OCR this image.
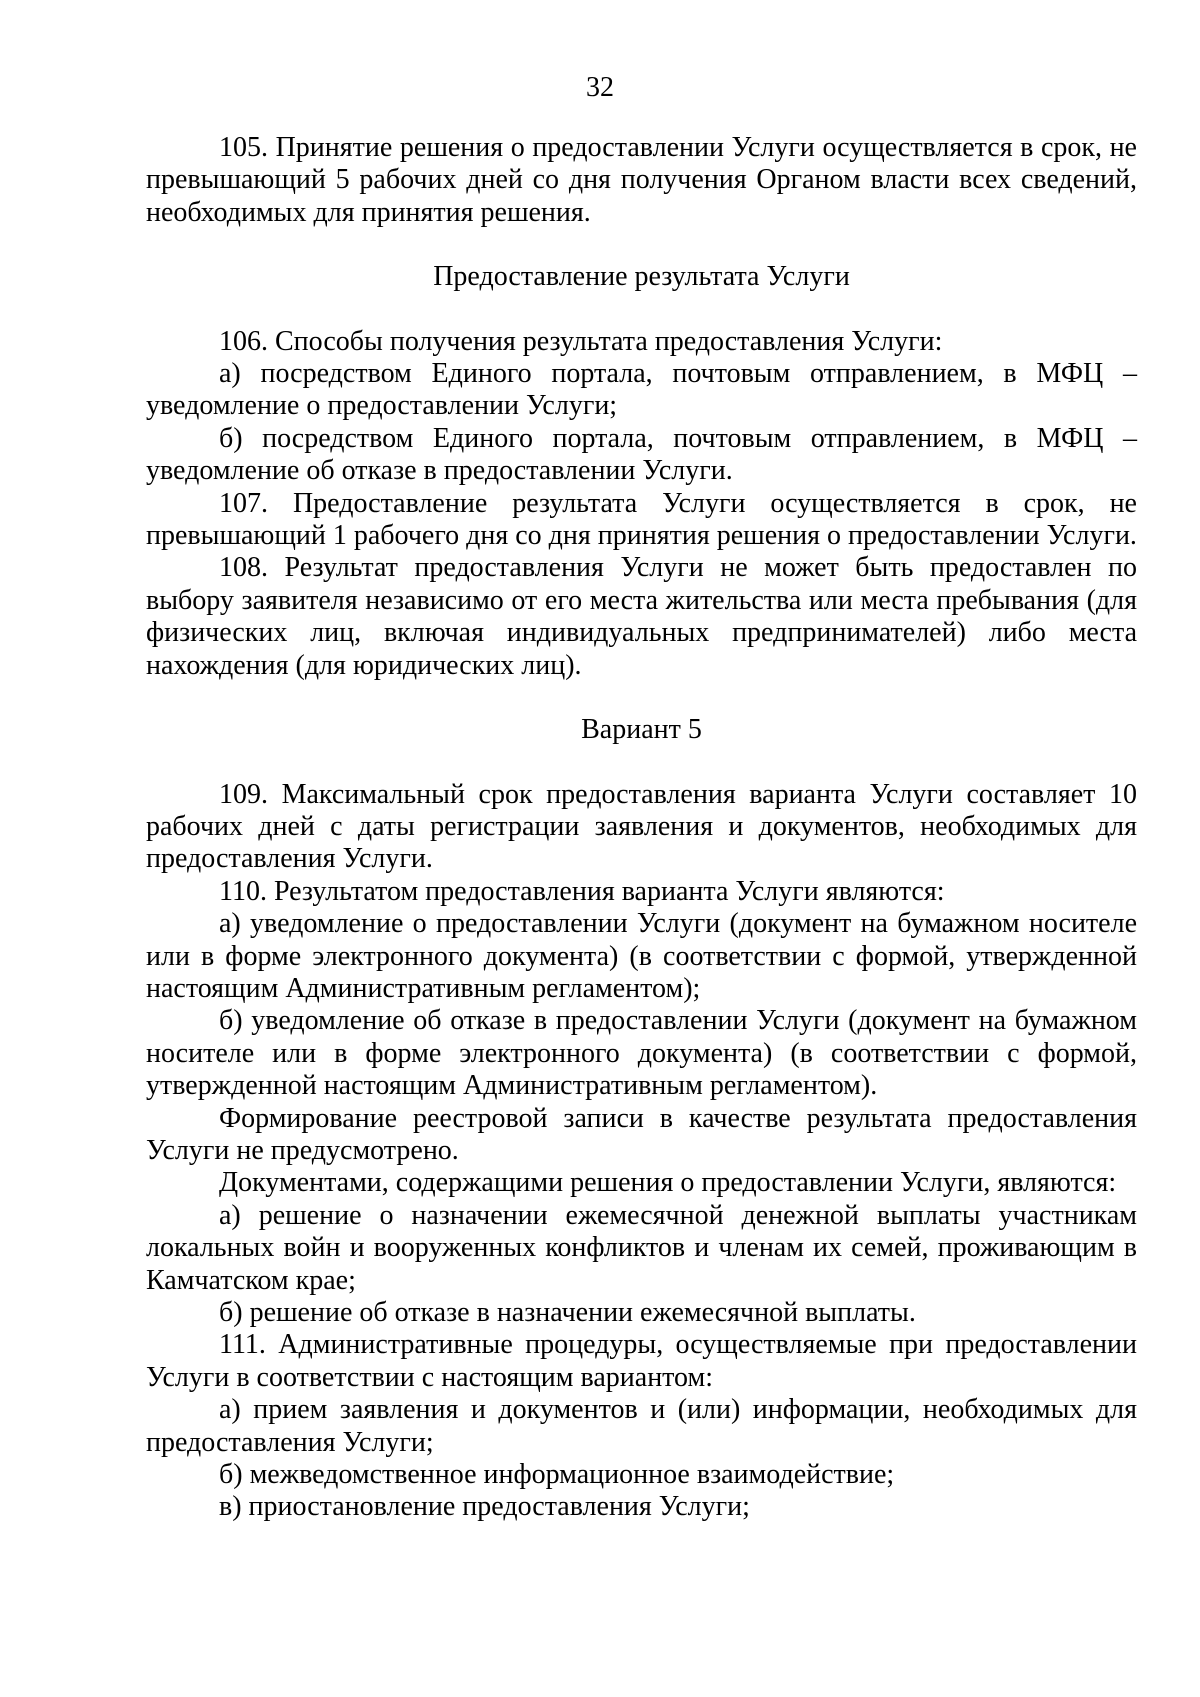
32

105. Принятие решения о предоставлении Услуги осуществляется в срок, не превышающий 5 рабочих дней со дня получения Органом власти всех сведений, необходимых для принятия решения.

Предоставление результата Услуги

106. Способы получения результата предоставления Услуги:

а) посредством Единого портала, почтовым отправлением, в МФЦ – уведомление о предоставлении Услуги;

б) посредством Единого портала, почтовым отправлением, в МФЦ – уведомление об отказе в предоставлении Услуги.

107. Предоставление результата Услуги осуществляется в срок, не превышающий 1 рабочего дня со дня принятия решения о предоставлении Услуги.

108. Результат предоставления Услуги не может быть предоставлен по выбору заявителя независимо от его места жительства или места пребывания (для физических лиц, включая индивидуальных предпринимателей) либо места нахождения (для юридических лиц).

Вариант 5

109. Максимальный срок предоставления варианта Услуги составляет 10 рабочих дней с даты регистрации заявления и документов, необходимых для предоставления Услуги.

110. Результатом предоставления варианта Услуги являются:

а) уведомление о предоставлении Услуги (документ на бумажном носителе или в форме электронного документа) (в соответствии с формой, утвержденной настоящим Административным регламентом);

б) уведомление об отказе в предоставлении Услуги (документ на бумажном носителе или в форме электронного документа) (в соответствии с формой, утвержденной настоящим Административным регламентом).

Формирование реестровой записи в качестве результата предоставления Услуги не предусмотрено.

Документами, содержащими решения о предоставлении Услуги, являются:

а) решение о назначении ежемесячной денежной выплаты участникам локальных войн и вооруженных конфликтов и членам их семей, проживающим в Камчатском крае;

б) решение об отказе в назначении ежемесячной выплаты.

111. Административные процедуры, осуществляемые при предоставлении Услуги в соответствии с настоящим вариантом:

а) прием заявления и документов и (или) информации, необходимых для предоставления Услуги;

б) межведомственное информационное взаимодействие;

в) приостановление предоставления Услуги;
